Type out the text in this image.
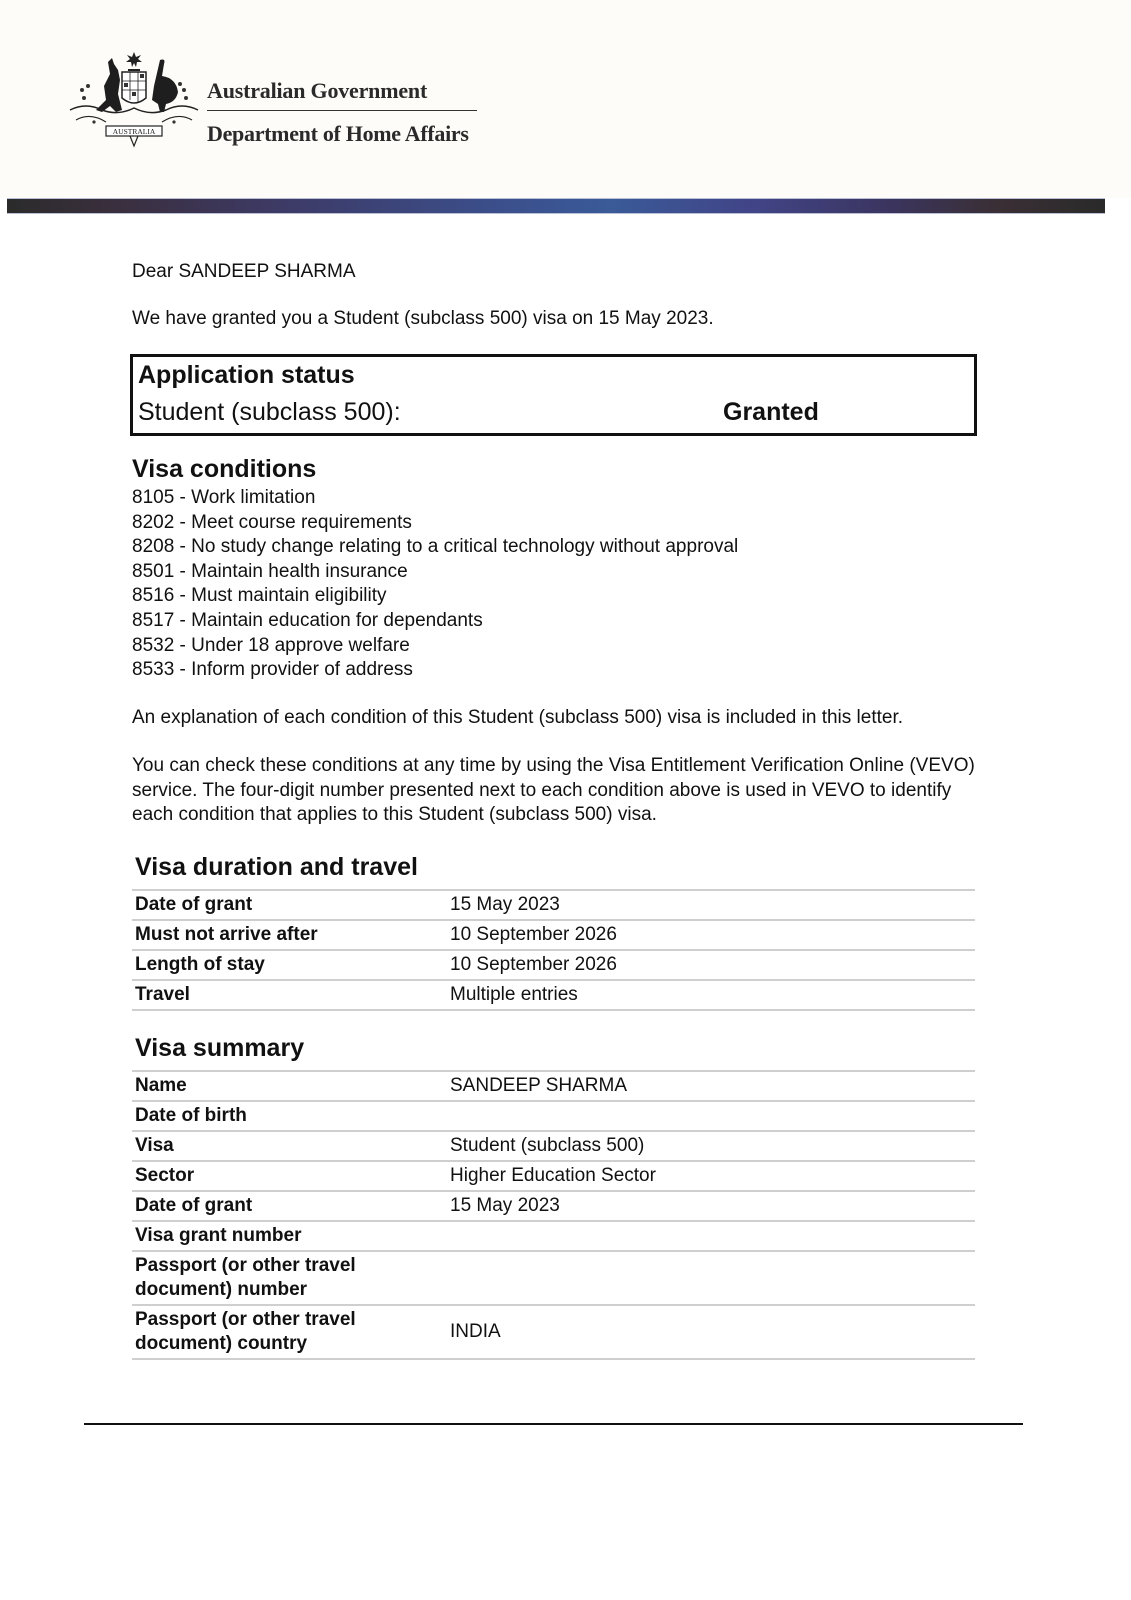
AUSTRALIA
Australian Government
Department of Home Affairs
Dear SANDEEP SHARMA
We have granted you a Student (subclass 500) visa on 15 May 2023.
Application status
Student (subclass 500):	Granted
Visa conditions
8105 - Work limitation
8202 - Meet course requirements
8208 - No study change relating to a critical technology without approval
8501 - Maintain health insurance
8516 - Must maintain eligibility
8517 - Maintain education for dependants
8532 - Under 18 approve welfare
8533 - Inform provider of address
An explanation of each condition of this Student (subclass 500) visa is included in this letter.
You can check these conditions at any time by using the Visa Entitlement Verification Online (VEVO) service. The four-digit number presented next to each condition above is used in VEVO to identify each condition that applies to this Student (subclass 500) visa.
Visa duration and travel
Date of grant	15 May 2023
Must not arrive after	10 September 2026
Length of stay	10 September 2026
Travel	Multiple entries
Visa summary
Name	SANDEEP SHARMA
Date of birth	
Visa	Student (subclass 500)
Sector	Higher Education Sector
Date of grant	15 May 2023
Visa grant number	
Passport (or other travel document) number	
Passport (or other travel document) country	INDIA
